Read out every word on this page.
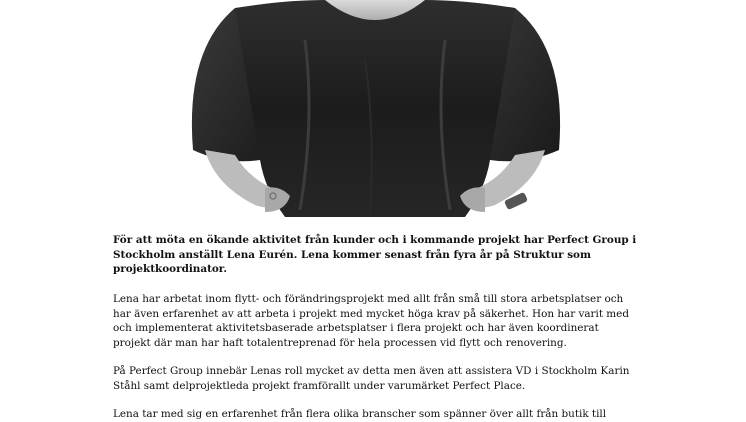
För att möta en ökande aktivitet från kunder och i kommande projekt har Perfect Group i
Stockholm anställt Lena Eurén. Lena kommer senast från fyra år på Struktur som
projektkoordinator.

Lena har arbetat inom flytt- och förändringsprojekt med allt från små till stora arbetsplatser och
har även erfarenhet av att arbeta i projekt med mycket höga krav på säkerhet. Hon har varit med
och implementerat aktivitetsbaserade arbetsplatser i flera projekt och har även koordinerat
projekt där man har haft totalentreprenad för hela processen vid flytt och renovering.

På Perfect Group innebär Lenas roll mycket av detta men även att assistera VD i Stockholm Karin
Ståhl samt delprojektleda projekt framförallt under varumärket Perfect Place.

Lena tar med sig en erfarenhet från flera olika branscher som spänner över allt från butik till
